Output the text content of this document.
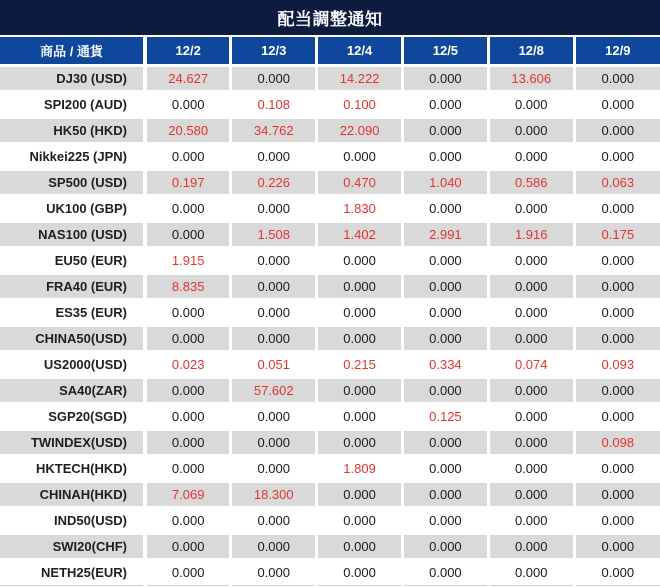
配当調整通知
商品 / 通貨	12/2	12/3	12/4	12/5	12/8	12/9
DJ30 (USD)	24.627	0.000	14.222	0.000	13.606	0.000
SPI200 (AUD)	0.000	0.108	0.100	0.000	0.000	0.000
HK50 (HKD)	20.580	34.762	22.090	0.000	0.000	0.000
Nikkei225 (JPN)	0.000	0.000	0.000	0.000	0.000	0.000
SP500 (USD)	0.197	0.226	0.470	1.040	0.586	0.063
UK100 (GBP)	0.000	0.000	1.830	0.000	0.000	0.000
NAS100 (USD)	0.000	1.508	1.402	2.991	1.916	0.175
EU50 (EUR)	1.915	0.000	0.000	0.000	0.000	0.000
FRA40 (EUR)	8.835	0.000	0.000	0.000	0.000	0.000
ES35 (EUR)	0.000	0.000	0.000	0.000	0.000	0.000
CHINA50(USD)	0.000	0.000	0.000	0.000	0.000	0.000
US2000(USD)	0.023	0.051	0.215	0.334	0.074	0.093
SA40(ZAR)	0.000	57.602	0.000	0.000	0.000	0.000
SGP20(SGD)	0.000	0.000	0.000	0.125	0.000	0.000
TWINDEX(USD)	0.000	0.000	0.000	0.000	0.000	0.098
HKTECH(HKD)	0.000	0.000	1.809	0.000	0.000	0.000
CHINAH(HKD)	7.069	18.300	0.000	0.000	0.000	0.000
IND50(USD)	0.000	0.000	0.000	0.000	0.000	0.000
SWI20(CHF)	0.000	0.000	0.000	0.000	0.000	0.000
NETH25(EUR)	0.000	0.000	0.000	0.000	0.000	0.000
